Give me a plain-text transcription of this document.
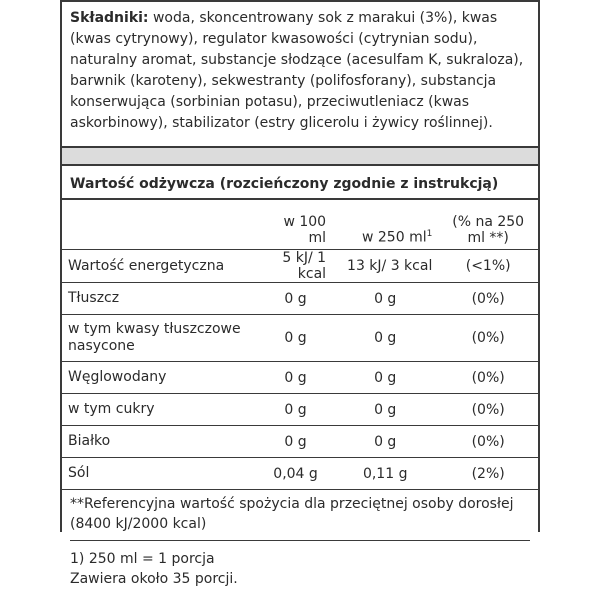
Składniki: woda, skoncentrowany sok z marakui (3%), kwas (kwas cytrynowy), regulator kwasowości (cytrynian sodu), naturalny aromat, substancje słodzące (acesulfam K, sukraloza), barwnik (karoteny), sekwestranty (polifosforany), substancja konserwująca (sorbinian potasu), przeciwutleniacz (kwas askorbinowy), stabilizator (estry glicerolu i żywicy roślinnej).

Wartość odżywcza (rozcieńczony zgodnie z instrukcją)
	w 100 ml	w 250 $ml^1$	(% na 250 ml **)
Wartość energetyczna	5 kJ/ 1 kcal	13 kJ/ 3 kcal	(<1%)
Tłuszcz	0 g	0 g	(0%)
w tym kwasy tłuszczowe nasycone	0 g	0 g	(0%)
Węglowodany	0 g	0 g	(0%)
w tym cukry	0 g	0 g	(0%)
Białko	0 g	0 g	(0%)
Sól	0,04 g	0,11 g	(2%)
**Referencyjna wartość spożycia dla przeciętnej osoby dorosłej (8400 kJ/2000 kcal)
1) 250 ml = 1 porcja
Zawiera około 35 porcji.
